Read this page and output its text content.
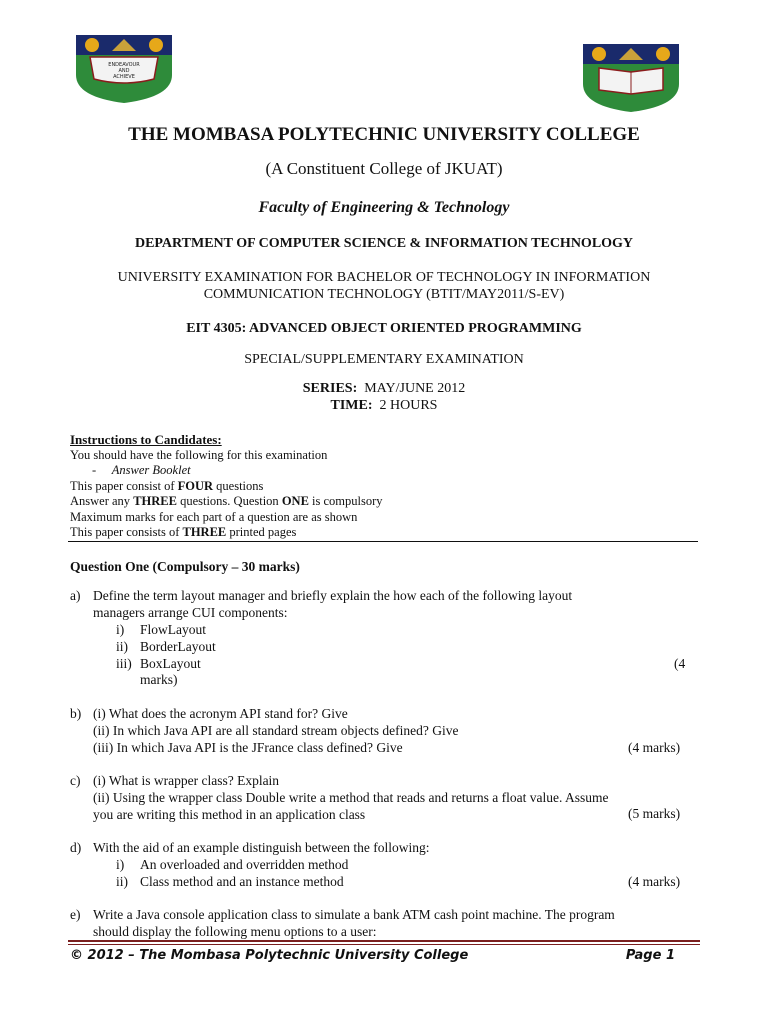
ENDEAVOUR
AND
ACHIEVE
THE MOMBASA POLYTECHNIC UNIVERSITY COLLEGE
(A Constituent College of JKUAT)
Faculty of Engineering & Technology
DEPARTMENT OF COMPUTER SCIENCE & INFORMATION TECHNOLOGY
UNIVERSITY EXAMINATION FOR BACHELOR OF TECHNOLOGY IN INFORMATION
COMMUNICATION TECHNOLOGY (BTIT/MAY2011/S-EV)
EIT 4305: ADVANCED OBJECT ORIENTED PROGRAMMING
SPECIAL/SUPPLEMENTARY EXAMINATION
SERIES: MAY/JUNE 2012
TIME: 2 HOURS
Instructions to Candidates:
You should have the following for this examination
- Answer Booklet
This paper consist of FOUR questions
Answer any THREE questions. Question ONE is compulsory
Maximum marks for each part of a question are as shown
This paper consists of THREE printed pages
Question One (Compulsory – 30 marks)
a) Define the term layout manager and briefly explain the how each of the following layout
managers arrange CUI components:
i) FlowLayout
ii) BorderLayout
iii) BoxLayout
marks)
(4
b) (i) What does the acronym API stand for? Give
(ii) In which Java API are all standard stream objects defined? Give
(iii) In which Java API is the JFrance class defined? Give	(4 marks)
c) (i) What is wrapper class? Explain
(ii) Using the wrapper class Double write a method that reads and returns a float value. Assume
you are writing this method in an application class	(5 marks)
d) With the aid of an example distinguish between the following:
i) An overloaded and overridden method
ii) Class method and an instance method	(4 marks)
e) Write a Java console application class to simulate a bank ATM cash point machine. The program
should display the following menu options to a user:
© 2012 – The Mombasa Polytechnic University College	Page 1
